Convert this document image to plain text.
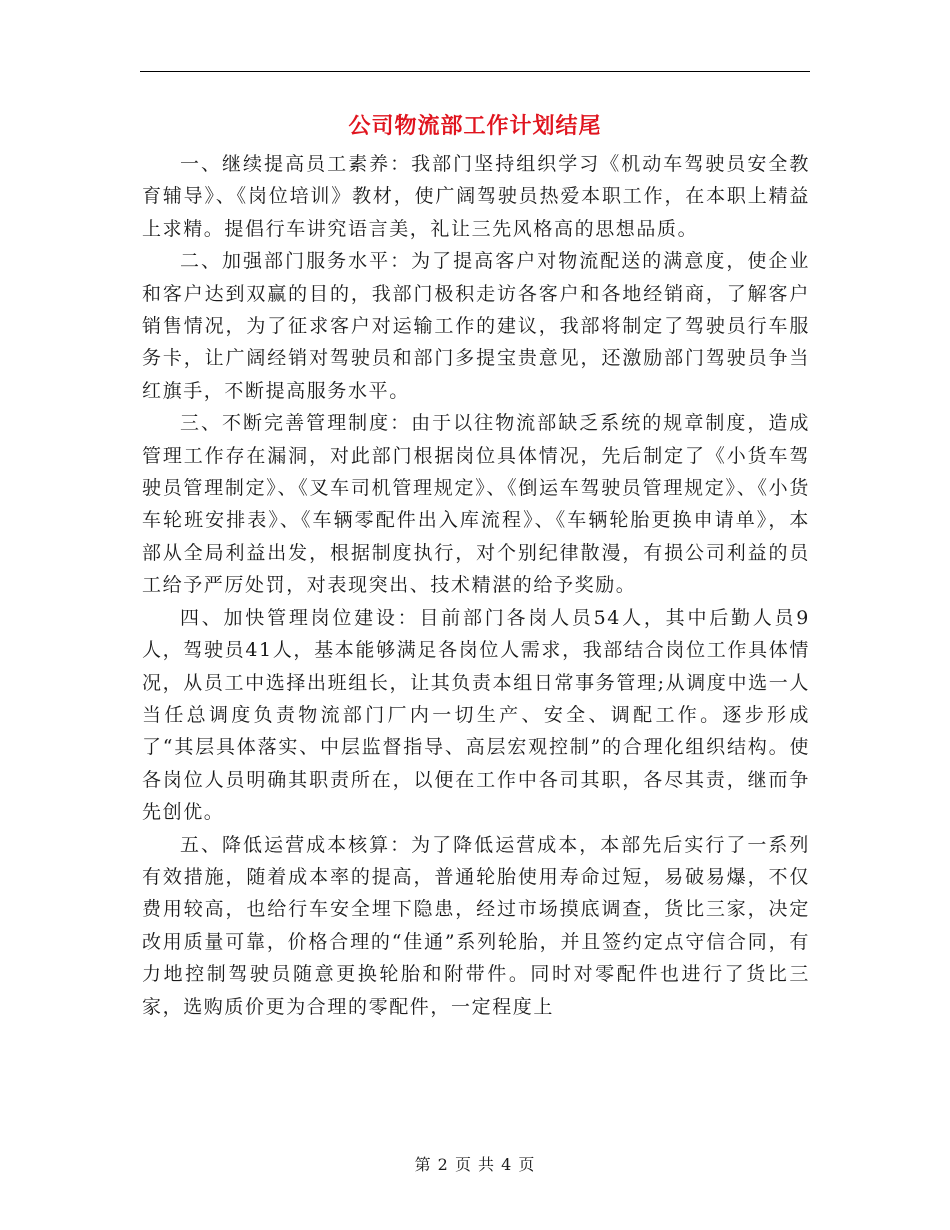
公司物流部工作计划结尾

一、继续提高员工素养：我部门坚持组织学习《机动车驾驶员安全教育辅导》、《岗位培训》教材，使广阔驾驶员热爱本职工作，在本职上精益上求精。提倡行车讲究语言美，礼让三先风格高的思想品质。

二、加强部门服务水平：为了提高客户对物流配送的满意度，使企业和客户达到双赢的目的，我部门极积走访各客户和各地经销商，了解客户销售情况，为了征求客户对运输工作的建议，我部将制定了驾驶员行车服务卡，让广阔经销对驾驶员和部门多提宝贵意见，还激励部门驾驶员争当红旗手，不断提高服务水平。

三、不断完善管理制度：由于以往物流部缺乏系统的规章制度，造成管理工作存在漏洞，对此部门根据岗位具体情况，先后制定了《小货车驾驶员管理制定》、《叉车司机管理规定》、《倒运车驾驶员管理规定》、《小货车轮班安排表》、《车辆零配件出入库流程》、《车辆轮胎更换申请单》，本部从全局利益出发，根据制度执行，对个别纪律散漫，有损公司利益的员工给予严厉处罚，对表现突出、技术精湛的给予奖励。

四、加快管理岗位建设：目前部门各岗人员54人，其中后勤人员9人，驾驶员41人，基本能够满足各岗位人需求，我部结合岗位工作具体情况，从员工中选择出班组长，让其负责本组日常事务管理;从调度中选一人当任总调度负责物流部门厂内一切生产、安全、调配工作。逐步形成了“其层具体落实、中层监督指导、高层宏观控制”的合理化组织结构。使各岗位人员明确其职责所在，以便在工作中各司其职，各尽其责，继而争先创优。

五、降低运营成本核算：为了降低运营成本，本部先后实行了一系列有效措施，随着成本率的提高，普通轮胎使用寿命过短，易破易爆，不仅费用较高，也给行车安全埋下隐患，经过市场摸底调查，货比三家，决定改用质量可靠，价格合理的“佳通”系列轮胎，并且签约定点守信合同，有力地控制驾驶员随意更换轮胎和附带件。同时对零配件也进行了货比三家，选购质价更为合理的零配件，一定程度上

第 2 页 共 4 页
